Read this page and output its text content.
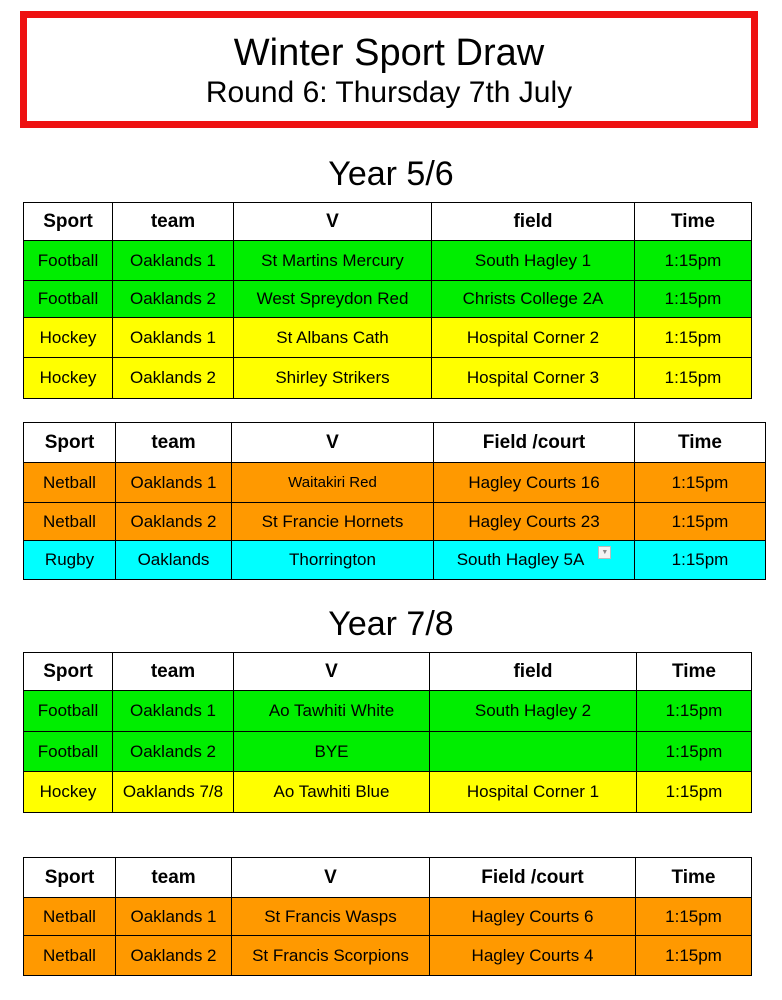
Winter Sport Draw
Round 6: Thursday 7th July
Year 5/6
Sport	team	V	field	Time
Football	Oaklands 1	St Martins Mercury	South Hagley 1	1:15pm
Football	Oaklands 2	West Spreydon Red	Christs College 2A	1:15pm
Hockey	Oaklands 1	St Albans Cath	Hospital Corner 2	1:15pm
Hockey	Oaklands 2	Shirley Strikers	Hospital Corner 3	1:15pm
Sport	team	V	Field /court	Time
Netball	Oaklands 1	Waitakiri Red	Hagley Courts 16	1:15pm
Netball	Oaklands 2	St Francie Hornets	Hagley Courts 23	1:15pm
Rugby	Oaklands	Thorrington	South Hagley 5A ▼	1:15pm
Year 7/8
Sport	team	V	field	Time
Football	Oaklands 1	Ao Tawhiti White	South Hagley 2	1:15pm
Football	Oaklands 2	BYE		1:15pm
Hockey	Oaklands 7/8	Ao Tawhiti Blue	Hospital Corner 1	1:15pm
Sport	team	V	Field /court	Time
Netball	Oaklands 1	St Francis Wasps	Hagley Courts 6	1:15pm
Netball	Oaklands 2	St Francis Scorpions	Hagley Courts 4	1:15pm
